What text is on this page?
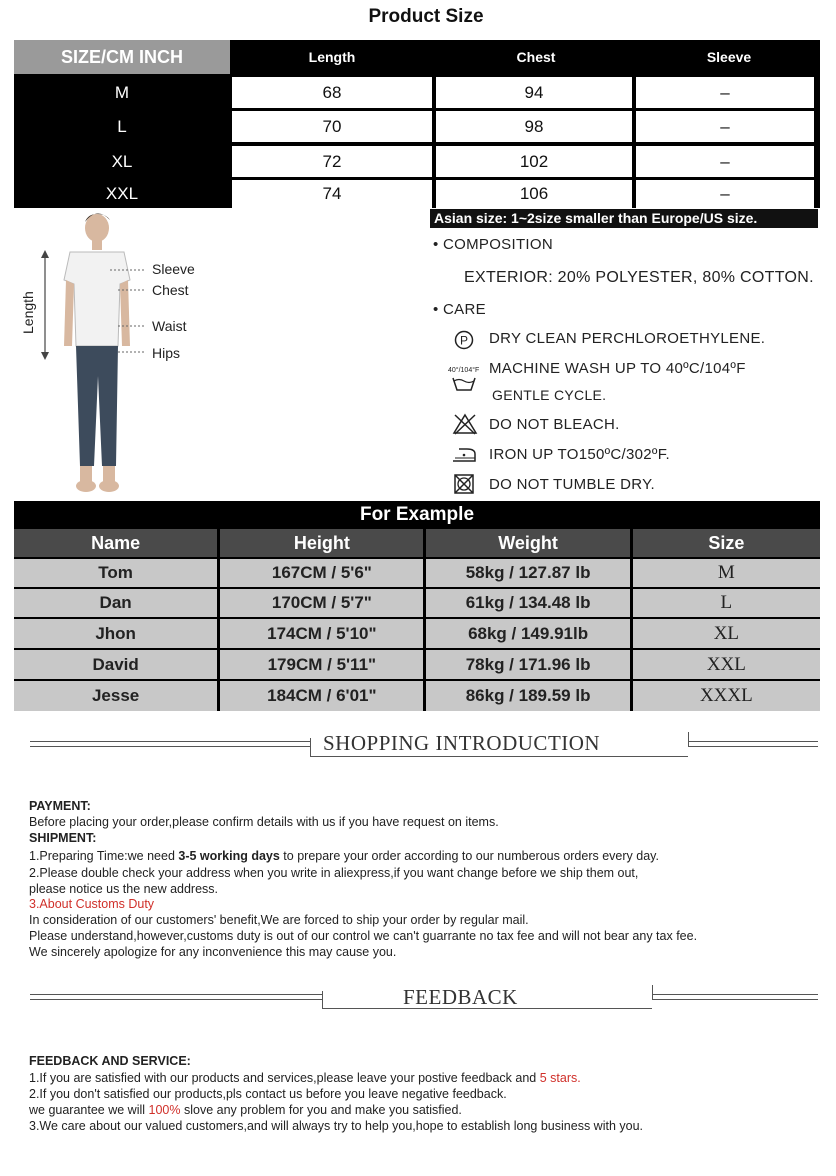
Product Size
SIZE/CM INCH	Length	Chest	Sleeve
M	68	94	–
L	70	98	–
XL	72	102	–
XXL	74	106	–
Asian size: 1~2size smaller than Europe/US size.
Length
Sleeve
Chest
Waist
Hips
• COMPOSITION
EXTERIOR: 20% POLYESTER, 80% COTTON.
• CARE
P DRY CLEAN PERCHLOROETHYLENE.
40°/104°F MACHINE WASH UP TO 40ºC/104ºF
GENTLE CYCLE.
DO NOT BLEACH.
IRON UP TO150ºC/302ºF.
DO NOT TUMBLE DRY.
For Example
Name	Height	Weight	Size
Tom	167CM / 5'6"	58kg / 127.87 lb	M
Dan	170CM / 5'7"	61kg / 134.48 lb	L
Jhon	174CM / 5'10"	68kg / 149.91lb	XL
David	179CM / 5'11"	78kg / 171.96 lb	XXL
Jesse	184CM / 6'01"	86kg / 189.59 lb	XXXL
SHOPPING INTRODUCTION
PAYMENT:
Before placing your order,please confirm details with us if you have request on items.
SHIPMENT:
1.Preparing Time:we need 3-5 working days to prepare your order according to our numberous orders every day.
2.Please double check your address when you write in aliexpress,if you want change before we ship them out,
please notice us the new address.
3.About Customs Duty
In consideration of our customers' benefit,We are forced to ship your order by regular mail.
Please understand,however,customs duty is out of our control we can't guarrante no tax fee and will not bear any tax fee.
We sincerely apologize for any inconvenience this may cause you.
FEEDBACK
FEEDBACK AND SERVICE:
1.If you are satisfied with our products and services,please leave your postive feedback and 5 stars.
2.If you don't satisfied our products,pls contact us before you leave negative feedback.
we guarantee we will 100% slove any problem for you and make you satisfied.
3.We care about our valued customers,and will always try to help you,hope to establish long business with you.
